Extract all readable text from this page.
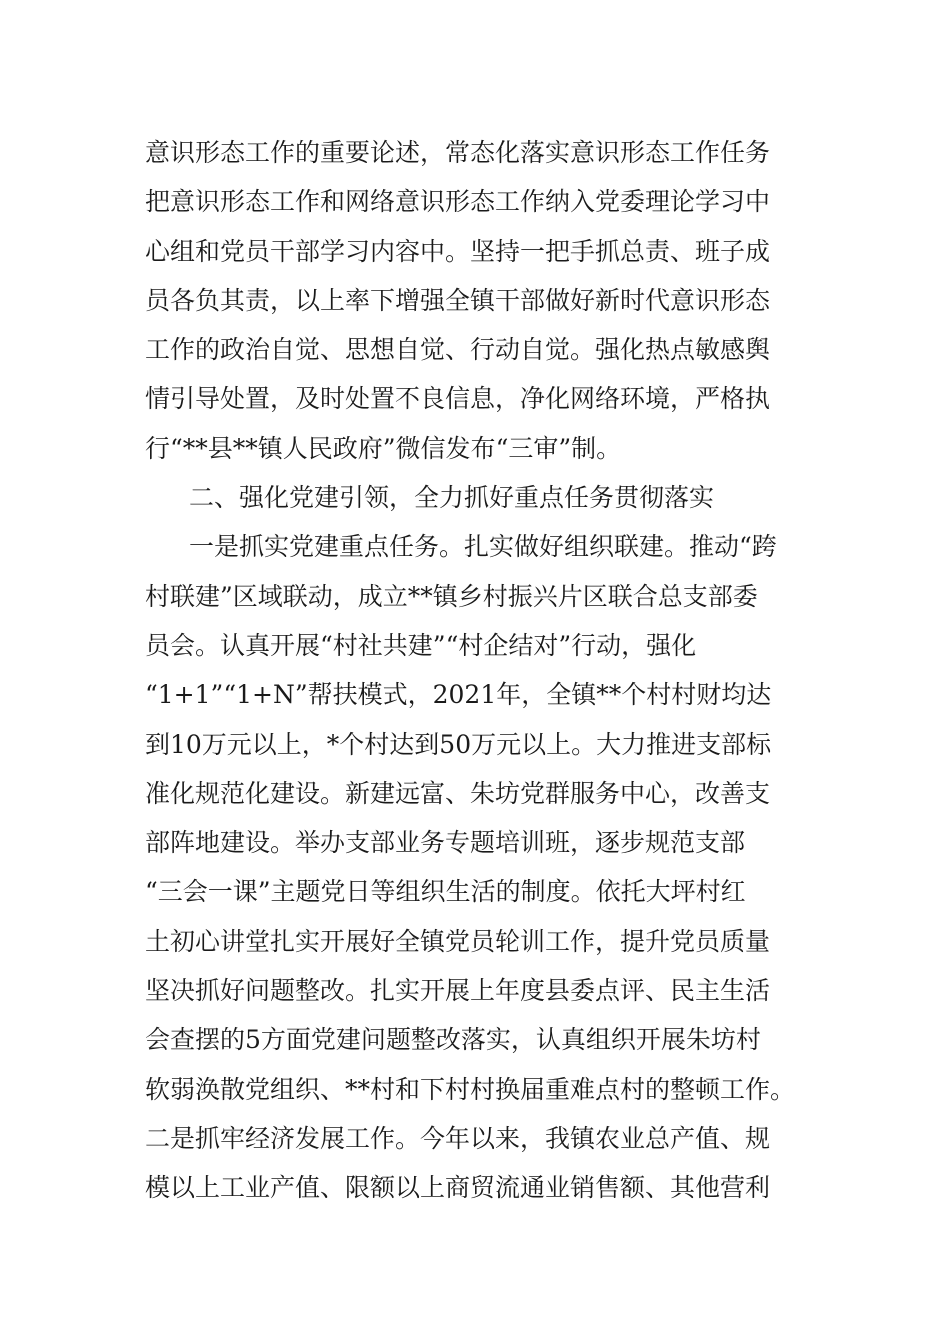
意识形态工作的重要论述，常态化落实意识形态工作任务
把意识形态工作和网络意识形态工作纳入党委理论学习中
心组和党员干部学习内容中。坚持一把手抓总责、班子成
员各负其责，以上率下增强全镇干部做好新时代意识形态
工作的政治自觉、思想自觉、行动自觉。强化热点敏感舆
情引导处置，及时处置不良信息，净化网络环境，严格执
行“**县**镇人民政府”微信发布“三审”制。
二、强化党建引领，全力抓好重点任务贯彻落实
一是抓实党建重点任务。扎实做好组织联建。推动“跨
村联建”区域联动，成立**镇乡村振兴片区联合总支部委
员会。认真开展“村社共建”“村企结对”行动，强化
“1+1”“1+N”帮扶模式，2021年，全镇**个村村财均达
到10万元以上，*个村达到50万元以上。大力推进支部标
准化规范化建设。新建远富、朱坊党群服务中心，改善支
部阵地建设。举办支部业务专题培训班，逐步规范支部
“三会一课”主题党日等组织生活的制度。依托大坪村红
土初心讲堂扎实开展好全镇党员轮训工作，提升党员质量
坚决抓好问题整改。扎实开展上年度县委点评、民主生活
会查摆的5方面党建问题整改落实，认真组织开展朱坊村
软弱涣散党组织、**村和下村村换届重难点村的整顿工作。
二是抓牢经济发展工作。今年以来，我镇农业总产值、规
模以上工业产值、限额以上商贸流通业销售额、其他营利
